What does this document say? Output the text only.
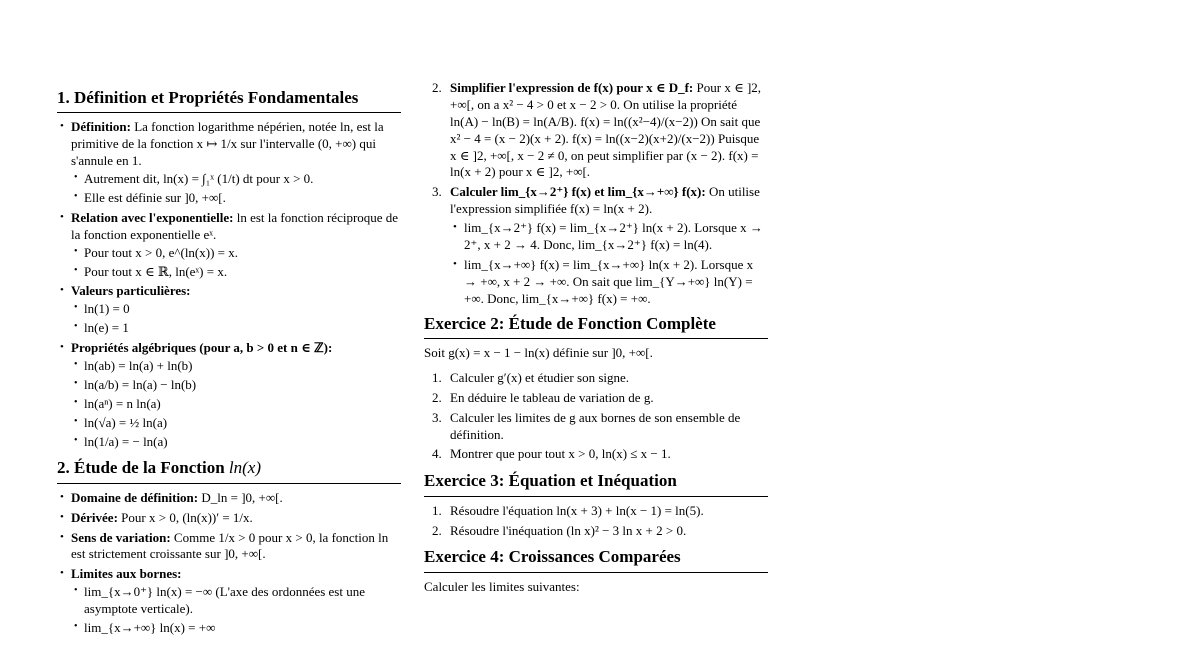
1. Définition et Propriétés Fondamentales
• Définition: La fonction logarithme népérien, notée ln, est la primitive de la fonction x ↦ 1/x sur l'intervalle (0, +∞) qui s'annule en 1.
• Autrement dit, ln(x) = ∫₁ˣ (1/t) dt pour x > 0.
• Elle est définie sur ]0, +∞[.
• Relation avec l'exponentielle: ln est la fonction réciproque de la fonction exponentielle eˣ.
• Pour tout x > 0, e^(ln(x)) = x.
• Pour tout x ∈ ℝ, ln(eˣ) = x.
• Valeurs particulières:
• ln(1) = 0
• ln(e) = 1
• Propriétés algébriques (pour a, b > 0 et n ∈ ℤ):
• ln(ab) = ln(a) + ln(b)
• ln(a/b) = ln(a) − ln(b)
• ln(aⁿ) = n ln(a)
• ln(√a) = ½ ln(a)
• ln(1/a) = − ln(a)
2. Étude de la Fonction ln(x)
• Domaine de définition: D_ln = ]0, +∞[.
• Dérivée: Pour x > 0, (ln(x))′ = 1/x.
• Sens de variation: Comme 1/x > 0 pour x > 0, la fonction ln est strictement croissante sur ]0, +∞[.
• Limites aux bornes:
• lim_{x→0⁺} ln(x) = −∞ (L'axe des ordonnées est une asymptote verticale).
• lim_{x→+∞} ln(x) = +∞
2. Simplifier l'expression de f(x) pour x ∈ D_f: Pour x ∈ ]2, +∞[, on a x² − 4 > 0 et x − 2 > 0. On utilise la propriété ln(A) − ln(B) = ln(A/B). f(x) = ln((x²−4)/(x−2)) On sait que x² − 4 = (x − 2)(x + 2). f(x) = ln((x−2)(x+2)/(x−2)) Puisque x ∈ ]2, +∞[, x − 2 ≠ 0, on peut simplifier par (x − 2). f(x) = ln(x + 2) pour x ∈ ]2, +∞[.
3. Calculer lim_{x→2⁺} f(x) et lim_{x→+∞} f(x): On utilise l'expression simplifiée f(x) = ln(x + 2).
• lim_{x→2⁺} f(x) = lim_{x→2⁺} ln(x + 2). Lorsque x → 2⁺, x + 2 → 4. Donc, lim_{x→2⁺} f(x) = ln(4).
• lim_{x→+∞} f(x) = lim_{x→+∞} ln(x + 2). Lorsque x → +∞, x + 2 → +∞. On sait que lim_{Y→+∞} ln(Y) = +∞. Donc, lim_{x→+∞} f(x) = +∞.
Exercice 2: Étude de Fonction Complète

Soit g(x) = x − 1 − ln(x) définie sur ]0, +∞[.

1. Calculer g′(x) et étudier son signe.
2. En déduire le tableau de variation de g.
3. Calculer les limites de g aux bornes de son ensemble de définition.
4. Montrer que pour tout x > 0, ln(x) ≤ x − 1.
Exercice 3: Équation et Inéquation
1. Résoudre l'équation ln(x + 3) + ln(x − 1) = ln(5).
2. Résoudre l'inéquation (ln x)² − 3 ln x + 2 > 0.
Exercice 4: Croissances Comparées

Calculer les limites suivantes:
